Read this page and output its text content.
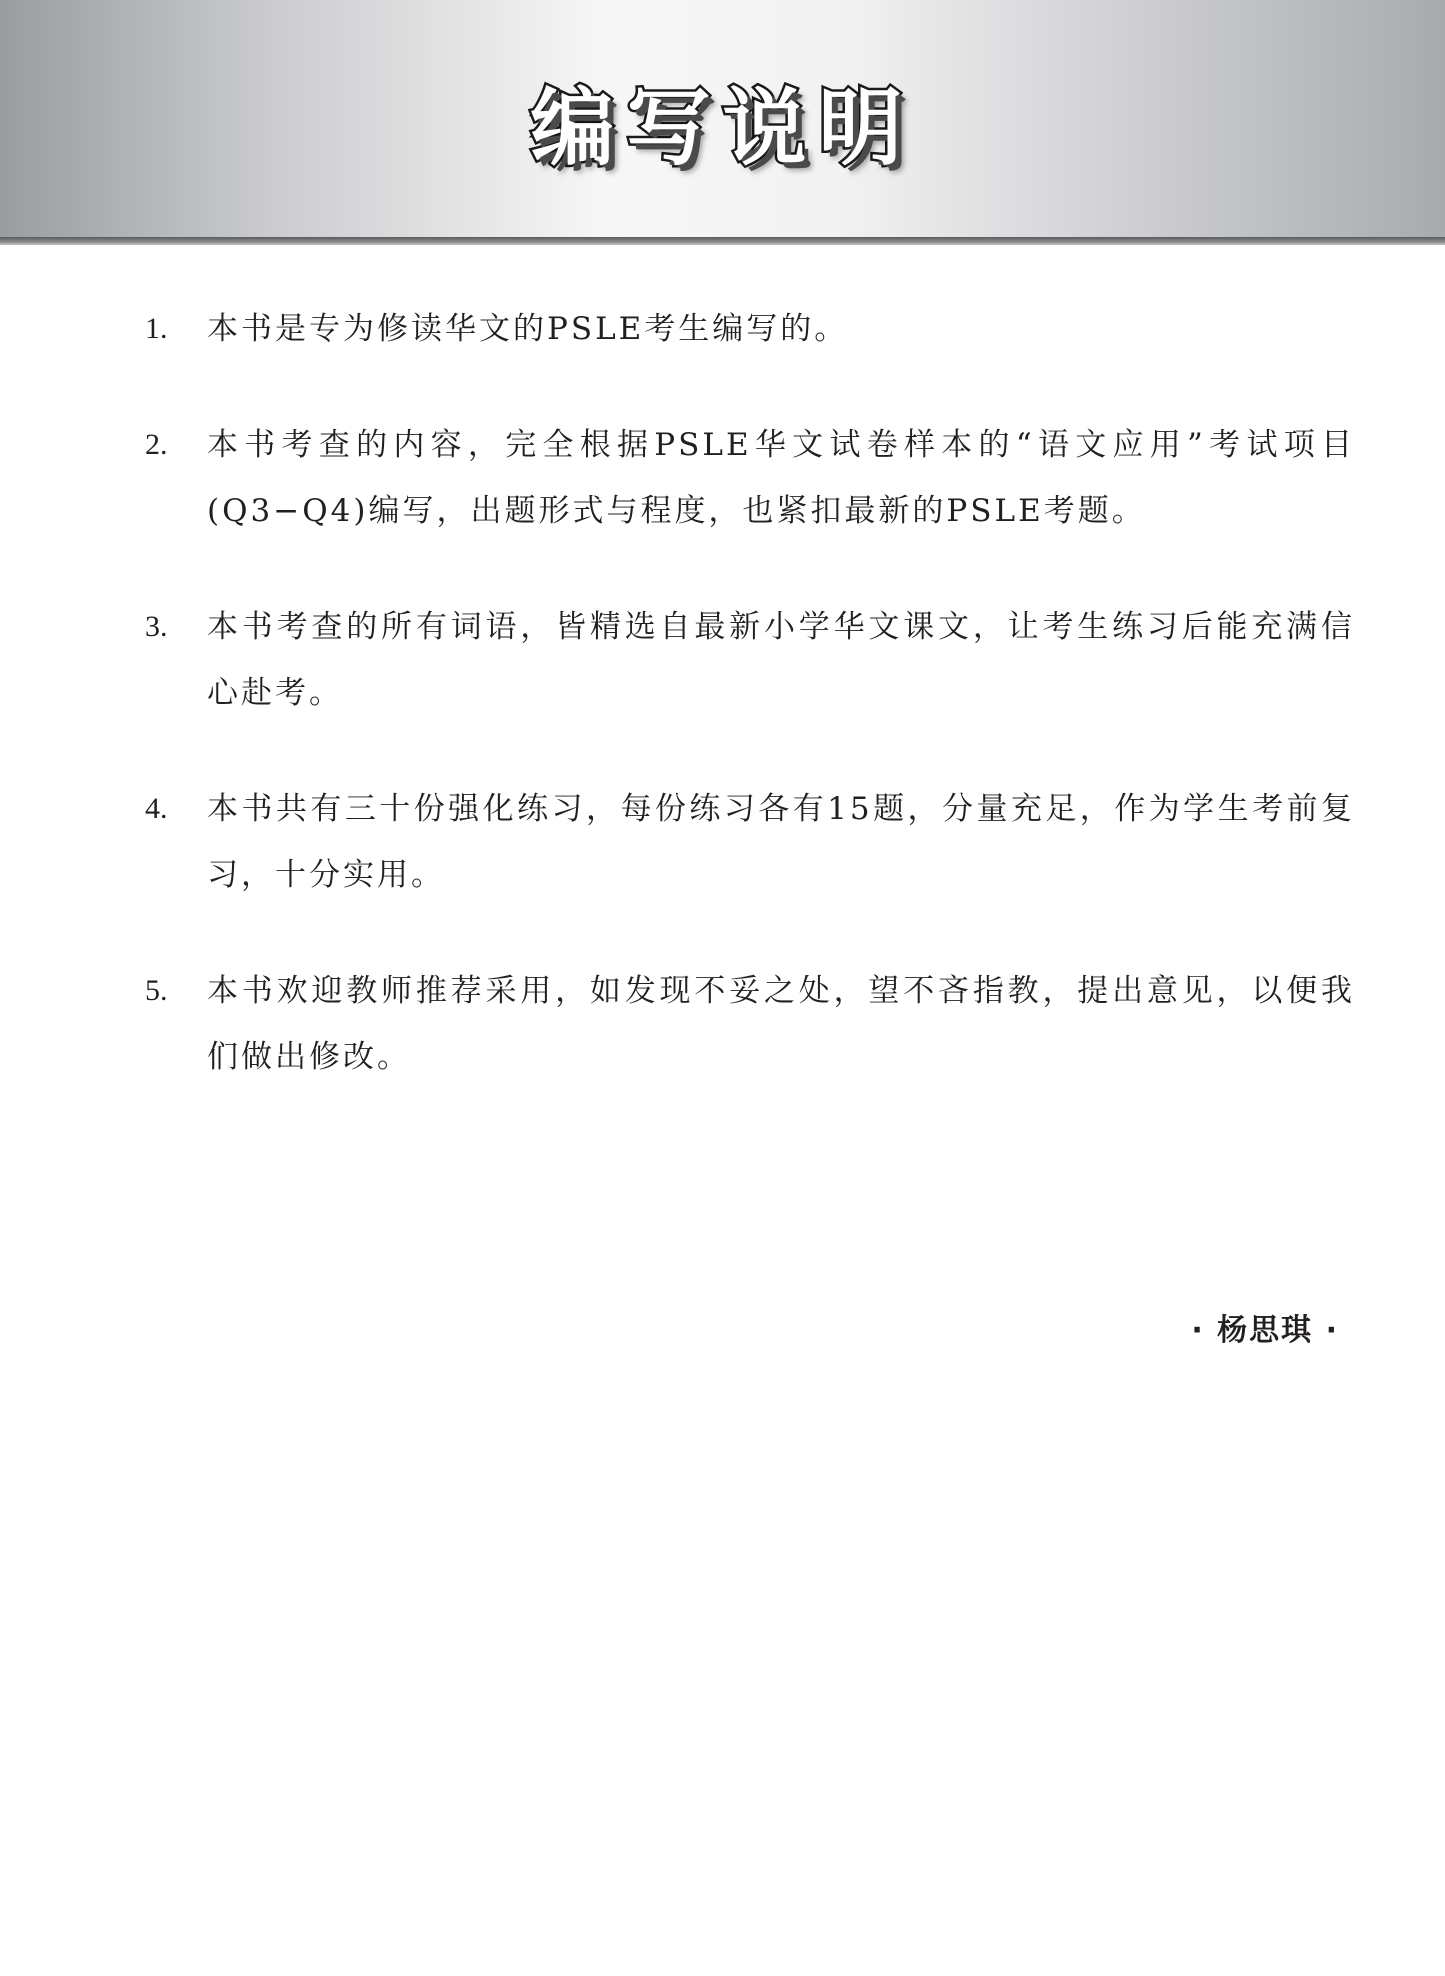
编写说明
1. 本书是专为修读华文的PSLE考生编写的。
2. 本书考查的内容，完全根据PSLE华文试卷样本的“语文应用”考试项目(Q3−Q4)编写，出题形式与程度，也紧扣最新的PSLE考题。
3. 本书考查的所有词语，皆精选自最新小学华文课文，让考生练习后能充满信心赴考。
4. 本书共有三十份强化练习，每份练习各有15题，分量充足，作为学生考前复习，十分实用。
5. 本书欢迎教师推荐采用，如发现不妥之处，望不吝指教，提出意见，以便我们做出修改。
· 杨思琪 ·
